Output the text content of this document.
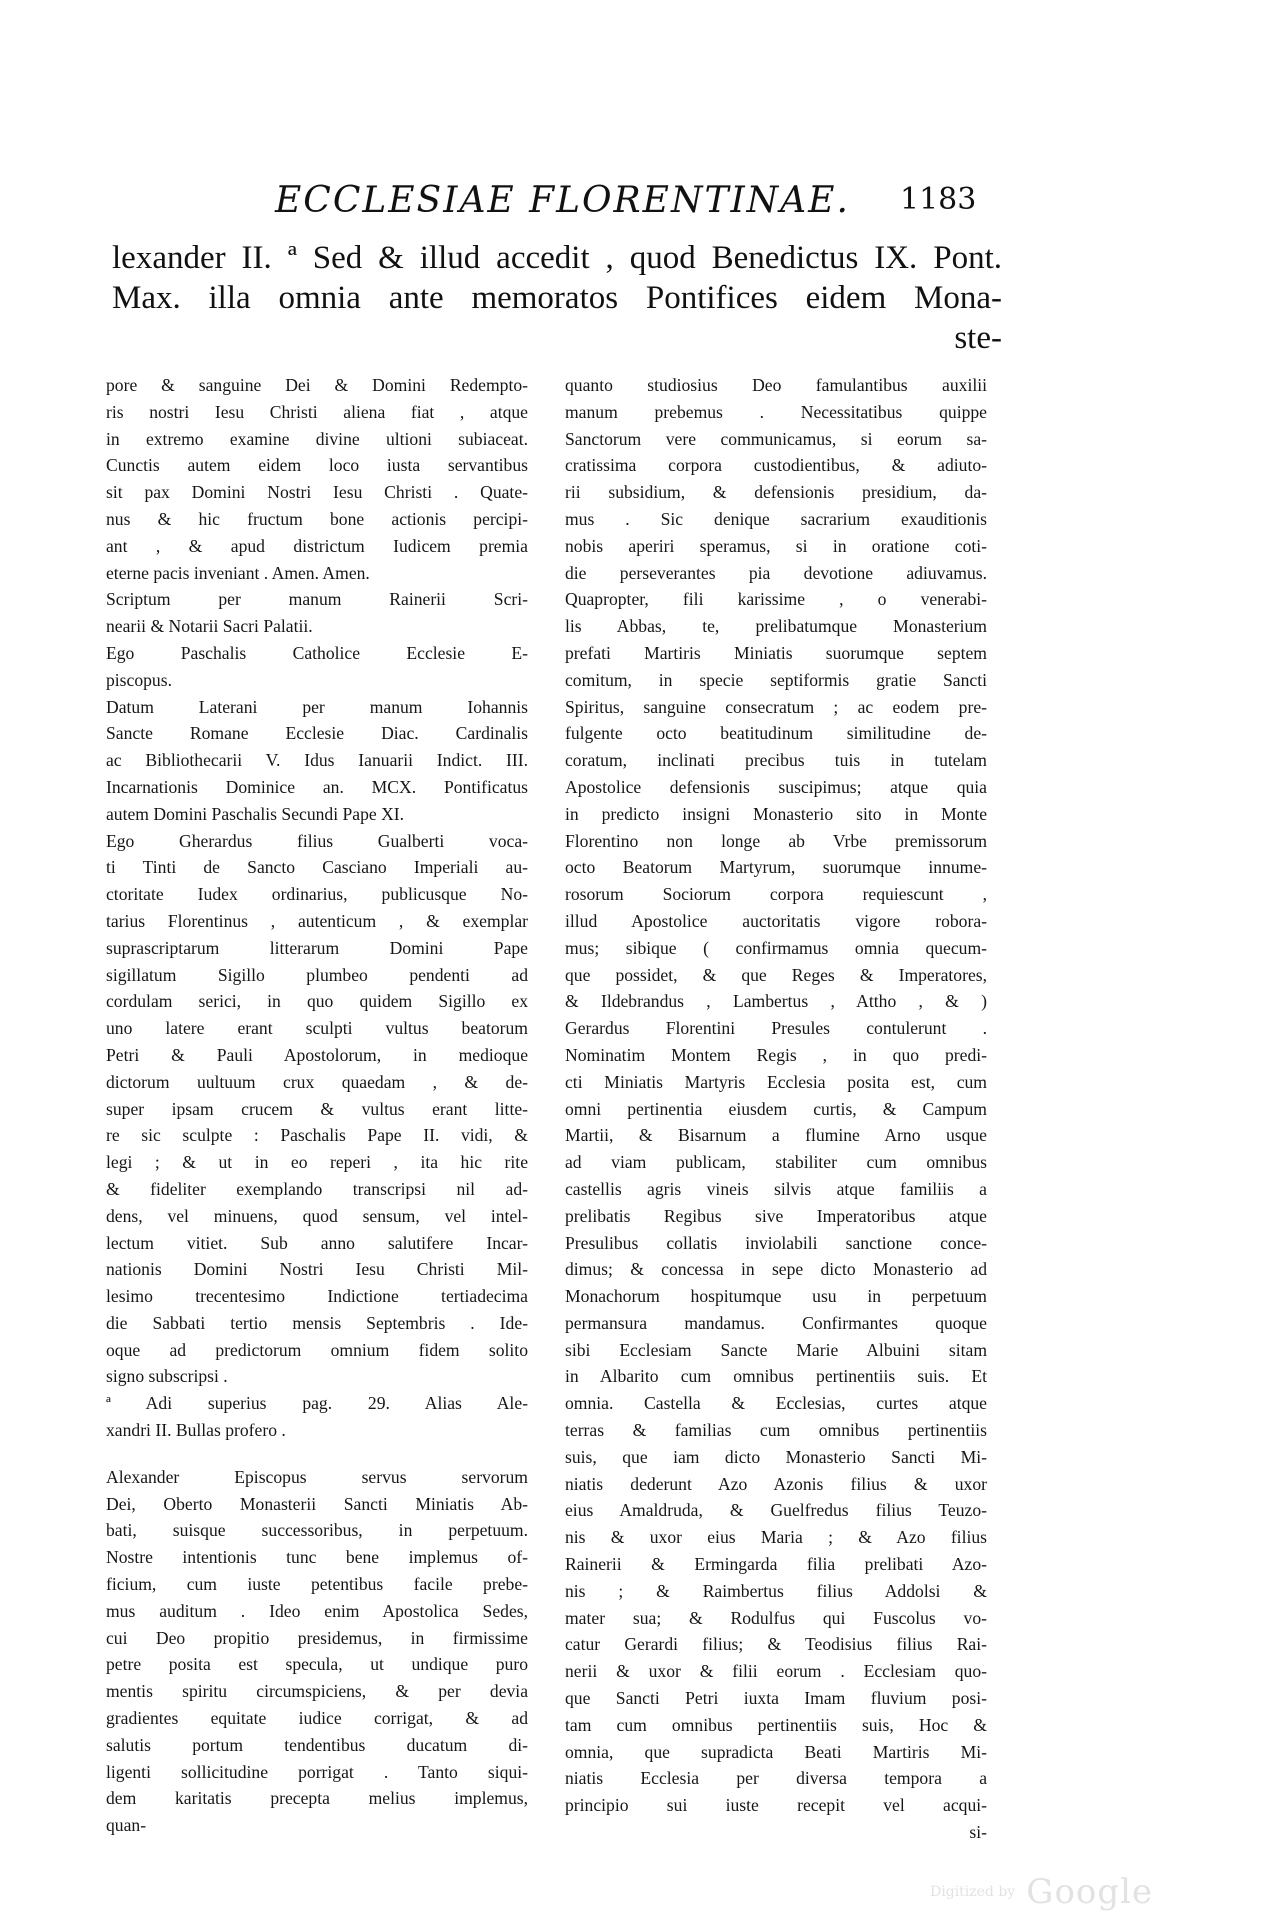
ECCLESIAE FLORENTINAE. 1183
lexander II. ª Sed & illud accedit , quod Benedictus IX. Pont.
Max. illa omnia ante memoratos Pontifices eidem Mona-
ste-
pore & sanguine Dei & Domini Redempto-
ris nostri Iesu Christi aliena fiat , atque
in extremo examine divine ultioni subiaceat.
Cunctis autem eidem loco iusta servantibus
sit pax Domini Nostri Iesu Christi . Quate-
nus & hic fructum bone actionis percipi-
ant , & apud districtum Iudicem premia
eterne pacis inveniant . Amen. Amen.
Scriptum per manum Rainerii Scri-
nearii & Notarii Sacri Palatii.
Ego Paschalis Catholice Ecclesie E-
piscopus.
Datum Laterani per manum Iohannis
Sancte Romane Ecclesie Diac. Cardinalis
ac Bibliothecarii V. Idus Ianuarii Indict. III.
Incarnationis Dominice an. MCX. Pontificatus
autem Domini Paschalis Secundi Pape XI.
Ego Gherardus filius Gualberti voca-
ti Tinti de Sancto Casciano Imperiali au-
ctoritate Iudex ordinarius, publicusque No-
tarius Florentinus , autenticum , & exemplar
suprascriptarum litterarum Domini Pape
sigillatum Sigillo plumbeo pendenti ad
cordulam serici, in quo quidem Sigillo ex
uno latere erant sculpti vultus beatorum
Petri & Pauli Apostolorum, in medioque
dictorum uultuum crux quaedam , & de-
super ipsam crucem & vultus erant litte-
re sic sculpte : Paschalis Pape II. vidi, &
legi ; & ut in eo reperi , ita hic rite
& fideliter exemplando transcripsi nil ad-
dens, vel minuens, quod sensum, vel intel-
lectum vitiet. Sub anno salutifere Incar-
nationis Domini Nostri Iesu Christi Mil-
lesimo trecentesimo Indictione tertiadecima
die Sabbati tertio mensis Septembris . Ide-
oque ad predictorum omnium fidem solito
signo subscripsi .
ª Adi superius pag. 29. Alias Ale-
xandri II. Bullas profero .
Alexander Episcopus servus servorum
Dei, Oberto Monasterii Sancti Miniatis Ab-
bati, suisque successoribus, in perpetuum.
Nostre intentionis tunc bene implemus of-
ficium, cum iuste petentibus facile prebe-
mus auditum . Ideo enim Apostolica Sedes,
cui Deo propitio presidemus, in firmissime
petre posita est specula, ut undique puro
mentis spiritu circumspiciens, & per devia
gradientes equitate iudice corrigat, & ad
salutis portum tendentibus ducatum di-
ligenti sollicitudine porrigat . Tanto siqui-
dem karitatis precepta melius implemus,
quan-
quanto studiosius Deo famulantibus auxilii
manum prebemus . Necessitatibus quippe
Sanctorum vere communicamus, si eorum sa-
cratissima corpora custodientibus, & adiuto-
rii subsidium, & defensionis presidium, da-
mus . Sic denique sacrarium exauditionis
nobis aperiri speramus, si in oratione coti-
die perseverantes pia devotione adiuvamus.
Quapropter, fili karissime , o venerabi-
lis Abbas, te, prelibatumque Monasterium
prefati Martiris Miniatis suorumque septem
comitum, in specie septiformis gratie Sancti
Spiritus, sanguine consecratum ; ac eodem pre-
fulgente octo beatitudinum similitudine de-
coratum, inclinati precibus tuis in tutelam
Apostolice defensionis suscipimus; atque quia
in predicto insigni Monasterio sito in Monte
Florentino non longe ab Vrbe premissorum
octo Beatorum Martyrum, suorumque innume-
rosorum Sociorum corpora requiescunt ,
illud Apostolice auctoritatis vigore robora-
mus; sibique ( confirmamus omnia quecum-
que possidet, & que Reges & Imperatores,
& Ildebrandus , Lambertus , Attho , & )
Gerardus Florentini Presules contulerunt .
Nominatim Montem Regis , in quo predi-
cti Miniatis Martyris Ecclesia posita est, cum
omni pertinentia eiusdem curtis, & Campum
Martii, & Bisarnum a flumine Arno usque
ad viam publicam, stabiliter cum omnibus
castellis agris vineis silvis atque familiis a
prelibatis Regibus sive Imperatoribus atque
Presulibus collatis inviolabili sanctione conce-
dimus; & concessa in sepe dicto Monasterio ad
Monachorum hospitumque usu in perpetuum
permansura mandamus. Confirmantes quoque
sibi Ecclesiam Sancte Marie Albuini sitam
in Albarito cum omnibus pertinentiis suis. Et
omnia. Castella & Ecclesias, curtes atque
terras & familias cum omnibus pertinentiis
suis, que iam dicto Monasterio Sancti Mi-
niatis dederunt Azo Azonis filius & uxor
eius Amaldruda, & Guelfredus filius Teuzo-
nis & uxor eius Maria ; & Azo filius
Rainerii & Ermingarda filia prelibati Azo-
nis ; & Raimbertus filius Addolsi &
mater sua; & Rodulfus qui Fuscolus vo-
catur Gerardi filius; & Teodisius filius Rai-
nerii & uxor & filii eorum . Ecclesiam quo-
que Sancti Petri iuxta Imam fluvium posi-
tam cum omnibus pertinentiis suis, Hoc &
omnia, que supradicta Beati Martiris Mi-
niatis Ecclesia per diversa tempora a
principio sui iuste recepit vel acqui-
si-
Digitized by Google
